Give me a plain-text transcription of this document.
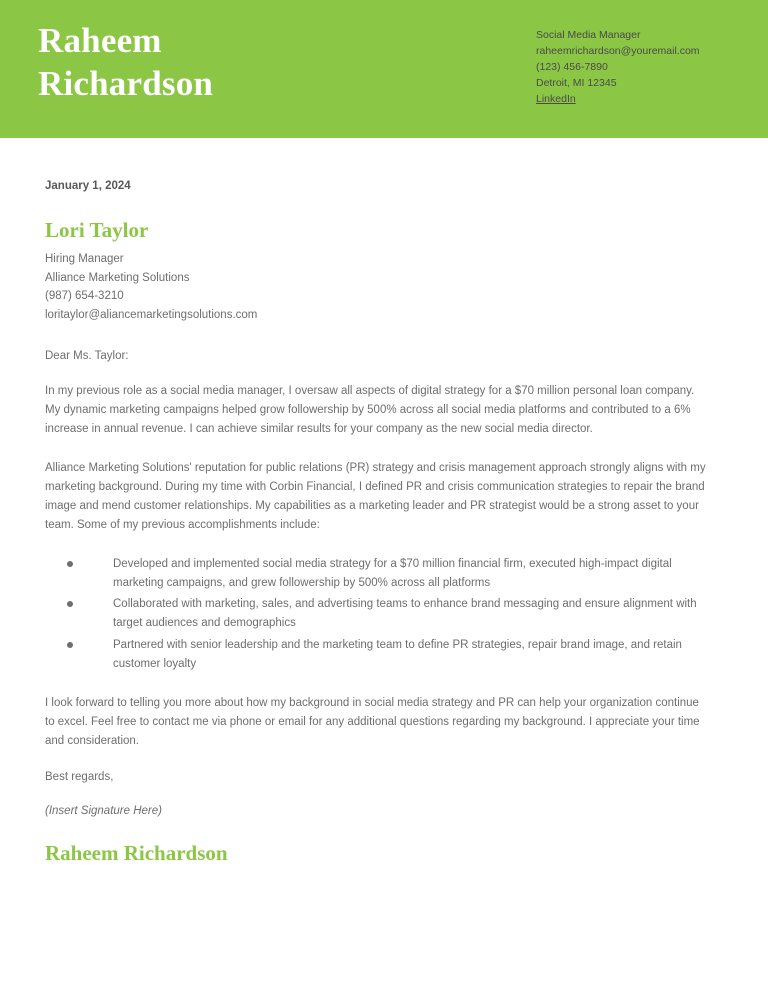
Raheem
Richardson
Social Media Manager
raheemrichardson@youremail.com
(123) 456-7890
Detroit, MI 12345
LinkedIn
January 1, 2024
Lori Taylor
Hiring Manager
Alliance Marketing Solutions
(987) 654-3210
loritaylor@aliancemarketingsolutions.com
Dear Ms. Taylor:

In my previous role as a social media manager, I oversaw all aspects of digital strategy for a $70 million personal loan company. My dynamic marketing campaigns helped grow followership by 500% across all social media platforms and contributed to a 6% increase in annual revenue. I can achieve similar results for your company as the new social media director.

Alliance Marketing Solutions' reputation for public relations (PR) strategy and crisis management approach strongly aligns with my marketing background. During my time with Corbin Financial, I defined PR and crisis communication strategies to repair the brand image and mend customer relationships. My capabilities as a marketing leader and PR strategist would be a strong asset to your team. Some of my previous accomplishments include:

Developed and implemented social media strategy for a $70 million financial firm, executed high-impact digital marketing campaigns, and grew followership by 500% across all platforms
Collaborated with marketing, sales, and advertising teams to enhance brand messaging and ensure alignment with target audiences and demographics
Partnered with senior leadership and the marketing team to define PR strategies, repair brand image, and retain customer loyalty

I look forward to telling you more about how my background in social media strategy and PR can help your organization continue to excel. Feel free to contact me via phone or email for any additional questions regarding my background. I appreciate your time and consideration.

Best regards,
(Insert Signature Here)
Raheem Richardson
